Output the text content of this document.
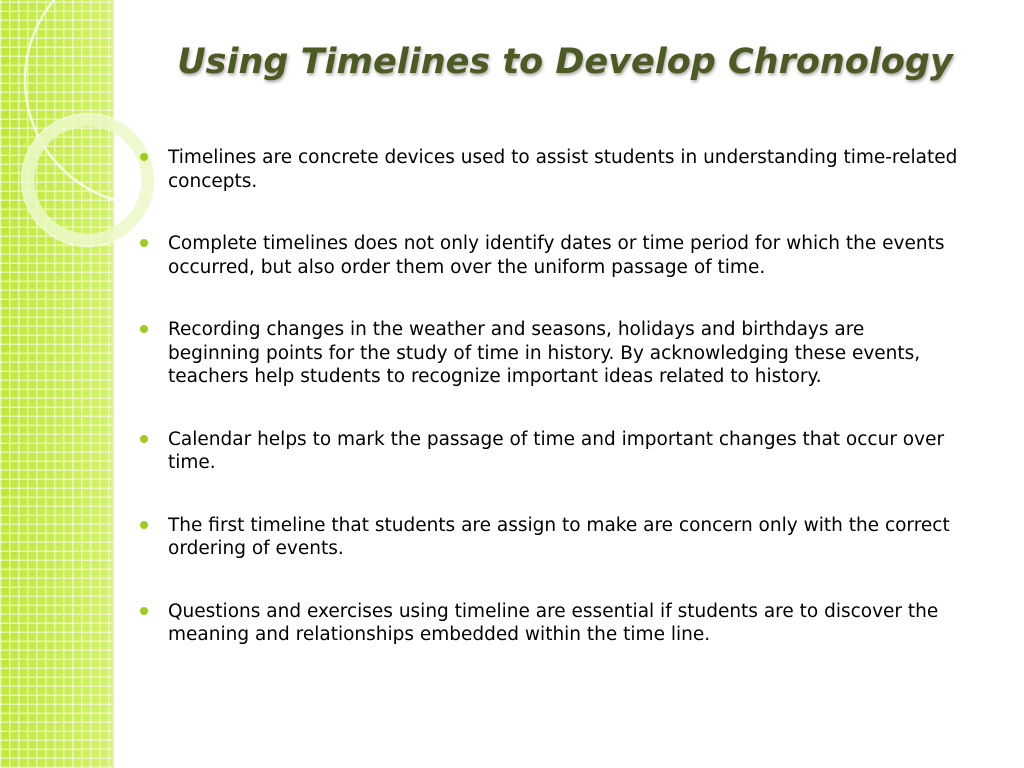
Using Timelines to Develop Chronology
Timelines are concrete devices used to assist students in understanding time-related concepts.
Complete timelines does not only identify dates or time period for which the events occurred, but also order them over the uniform passage of time.
Recording changes in the weather and seasons, holidays and birthdays are beginning points for the study of time in history. By acknowledging these events, teachers help students to recognize important ideas related to history.
Calendar helps to mark the passage of time and important changes that occur over time.
The first timeline that students are assign to make are concern only with the correct ordering of events.
Questions and exercises using timeline are essential if students are to discover the meaning and relationships embedded within the time line.
